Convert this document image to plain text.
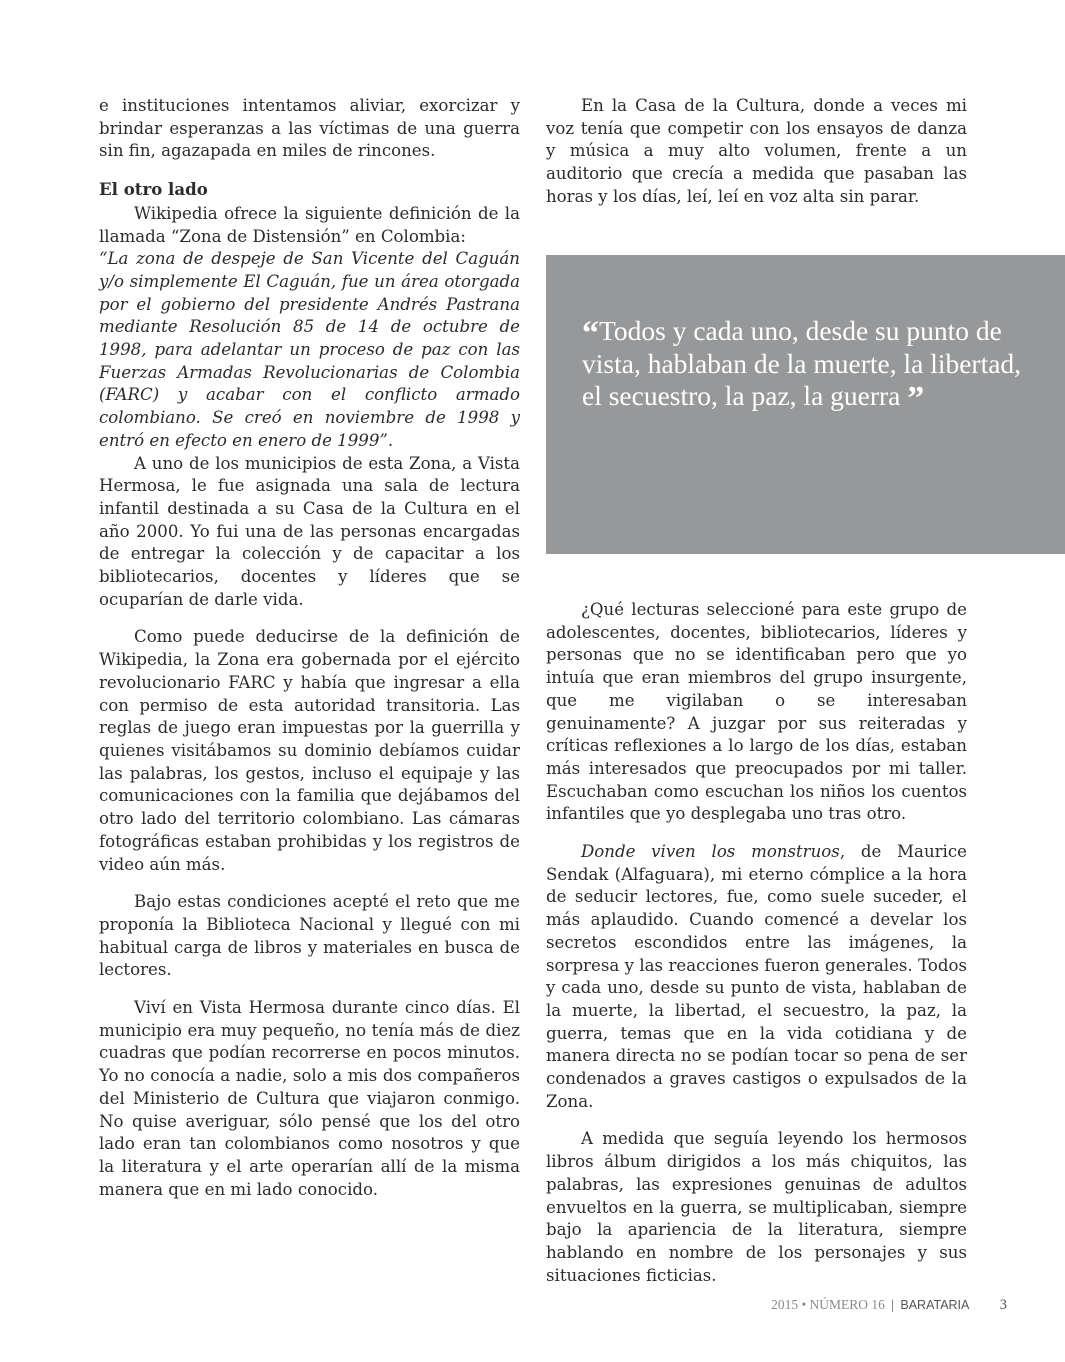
e instituciones intentamos aliviar, exorcizar y brindar esperanzas a las víctimas de una guerra sin fin, agazapada en miles de rincones.

El otro lado

Wikipedia ofrece la siguiente definición de la llamada “Zona de Distensión” en Colombia:

“La zona de despeje de San Vicente del Caguán y/o simplemente El Caguán, fue un área otorgada por el gobierno del presidente Andrés Pastrana mediante Resolución 85 de 14 de octubre de 1998, para adelantar un proceso de paz con las Fuerzas Armadas Revolucionarias de Colombia (FARC) y acabar con el conflicto armado colombiano. Se creó en noviembre de 1998 y entró en efecto en enero de 1999”.

A uno de los municipios de esta Zona, a Vista Hermosa, le fue asignada una sala de lectura infantil destinada a su Casa de la Cultura en el año 2000. Yo fui una de las personas encargadas de entregar la colección y de capacitar a los bibliotecarios, docentes y líderes que se ocuparían de darle vida.

Como puede deducirse de la definición de Wikipedia, la Zona era gobernada por el ejército revolucionario FARC y había que ingresar a ella con permiso de esta autoridad transitoria. Las reglas de juego eran impuestas por la guerrilla y quienes visitábamos su dominio debíamos cuidar las palabras, los gestos, incluso el equipaje y las comunicaciones con la familia que dejábamos del otro lado del territorio colombiano. Las cámaras fotográficas estaban prohibidas y los registros de video aún más.

Bajo estas condiciones acepté el reto que me proponía la Biblioteca Nacional y llegué con mi habitual carga de libros y materiales en busca de lectores.

Viví en Vista Hermosa durante cinco días. El municipio era muy pequeño, no tenía más de diez cuadras que podían recorrerse en pocos minutos. Yo no conocía a nadie, solo a mis dos compañeros del Ministerio de Cultura que viajaron conmigo. No quise averiguar, sólo pensé que los del otro lado eran tan colombianos como nosotros y que la literatura y el arte operarían allí de la misma manera que en mi lado conocido.

En la Casa de la Cultura, donde a veces mi voz tenía que competir con los ensayos de danza y música a muy alto volumen, frente a un auditorio que crecía a medida que pasaban las horas y los días, leí, leí en voz alta sin parar.

“Todos y cada uno, desde su punto de vista, hablaban de la muerte, la libertad, el secuestro, la paz, la guerra ”

¿Qué lecturas seleccioné para este grupo de adolescentes, docentes, bibliotecarios, líderes y personas que no se identificaban pero que yo intuía que eran miembros del grupo insurgente, que me vigilaban o se interesaban genuinamente? A juzgar por sus reiteradas y críticas reflexiones a lo largo de los días, estaban más interesados que preocupados por mi taller. Escuchaban como escuchan los niños los cuentos infantiles que yo desplegaba uno tras otro.

Donde viven los monstruos, de Maurice Sendak (Alfaguara), mi eterno cómplice a la hora de seducir lectores, fue, como suele suceder, el más aplaudido. Cuando comencé a develar los secretos escondidos entre las imágenes, la sorpresa y las reacciones fueron generales. Todos y cada uno, desde su punto de vista, hablaban de la muerte, la libertad, el secuestro, la paz, la guerra, temas que en la vida cotidiana y de manera directa no se podían tocar so pena de ser condenados a graves castigos o expulsados de la Zona.

A medida que seguía leyendo los hermosos libros álbum dirigidos a los más chiquitos, las palabras, las expresiones genuinas de adultos envueltos en la guerra, se multiplicaban, siempre bajo la apariencia de la literatura, siempre hablando en nombre de los personajes y sus situaciones ficticias.

2015 • NÚMERO 16 | BARATARIA 3
